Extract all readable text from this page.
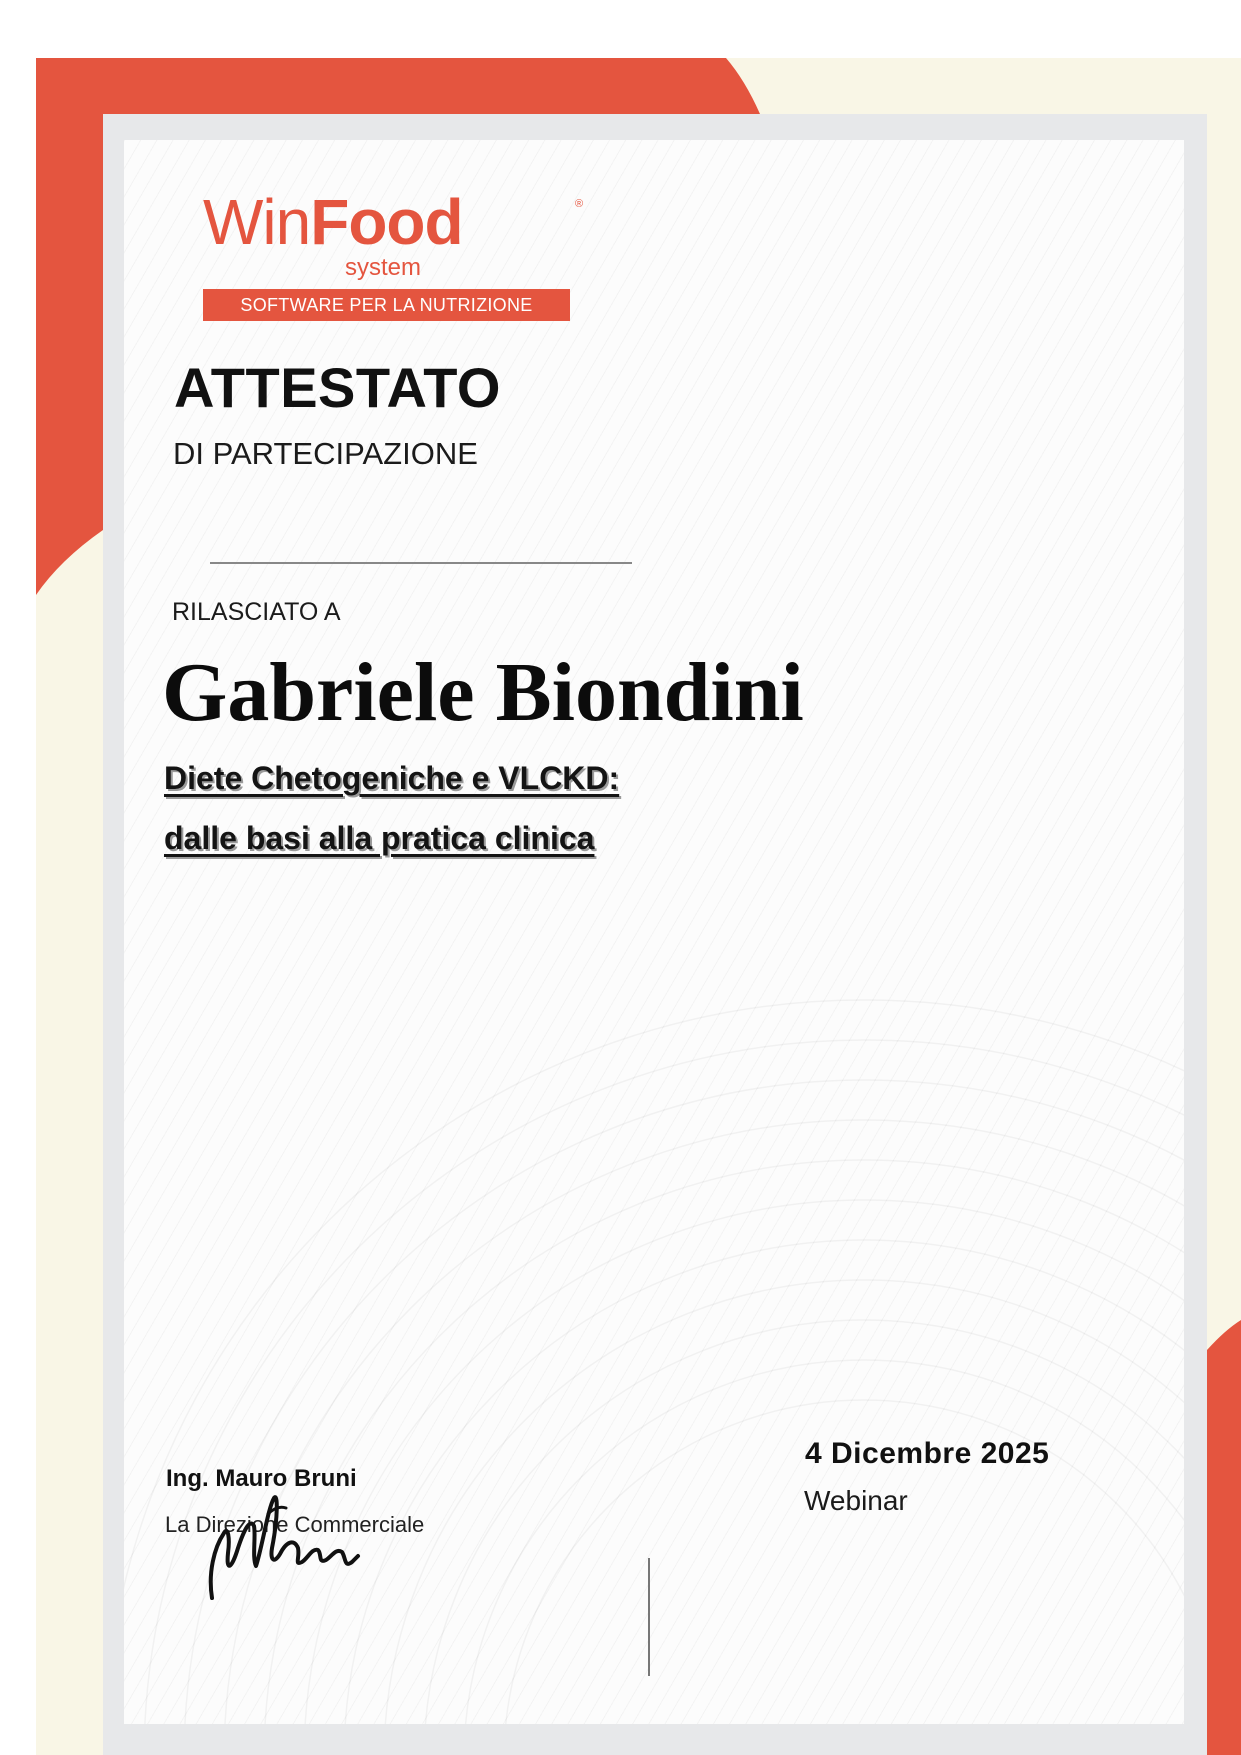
WinFood	®
system
SOFTWARE PER LA NUTRIZIONE
ATTESTATO
DI PARTECIPAZIONE
RILASCIATO A
Gabriele Biondini
Diete Chetogeniche e VLCKD:
dalle basi alla pratica clinica
Ing. Mauro Bruni
La Direzione Commerciale
4 Dicembre 2025
Webinar
